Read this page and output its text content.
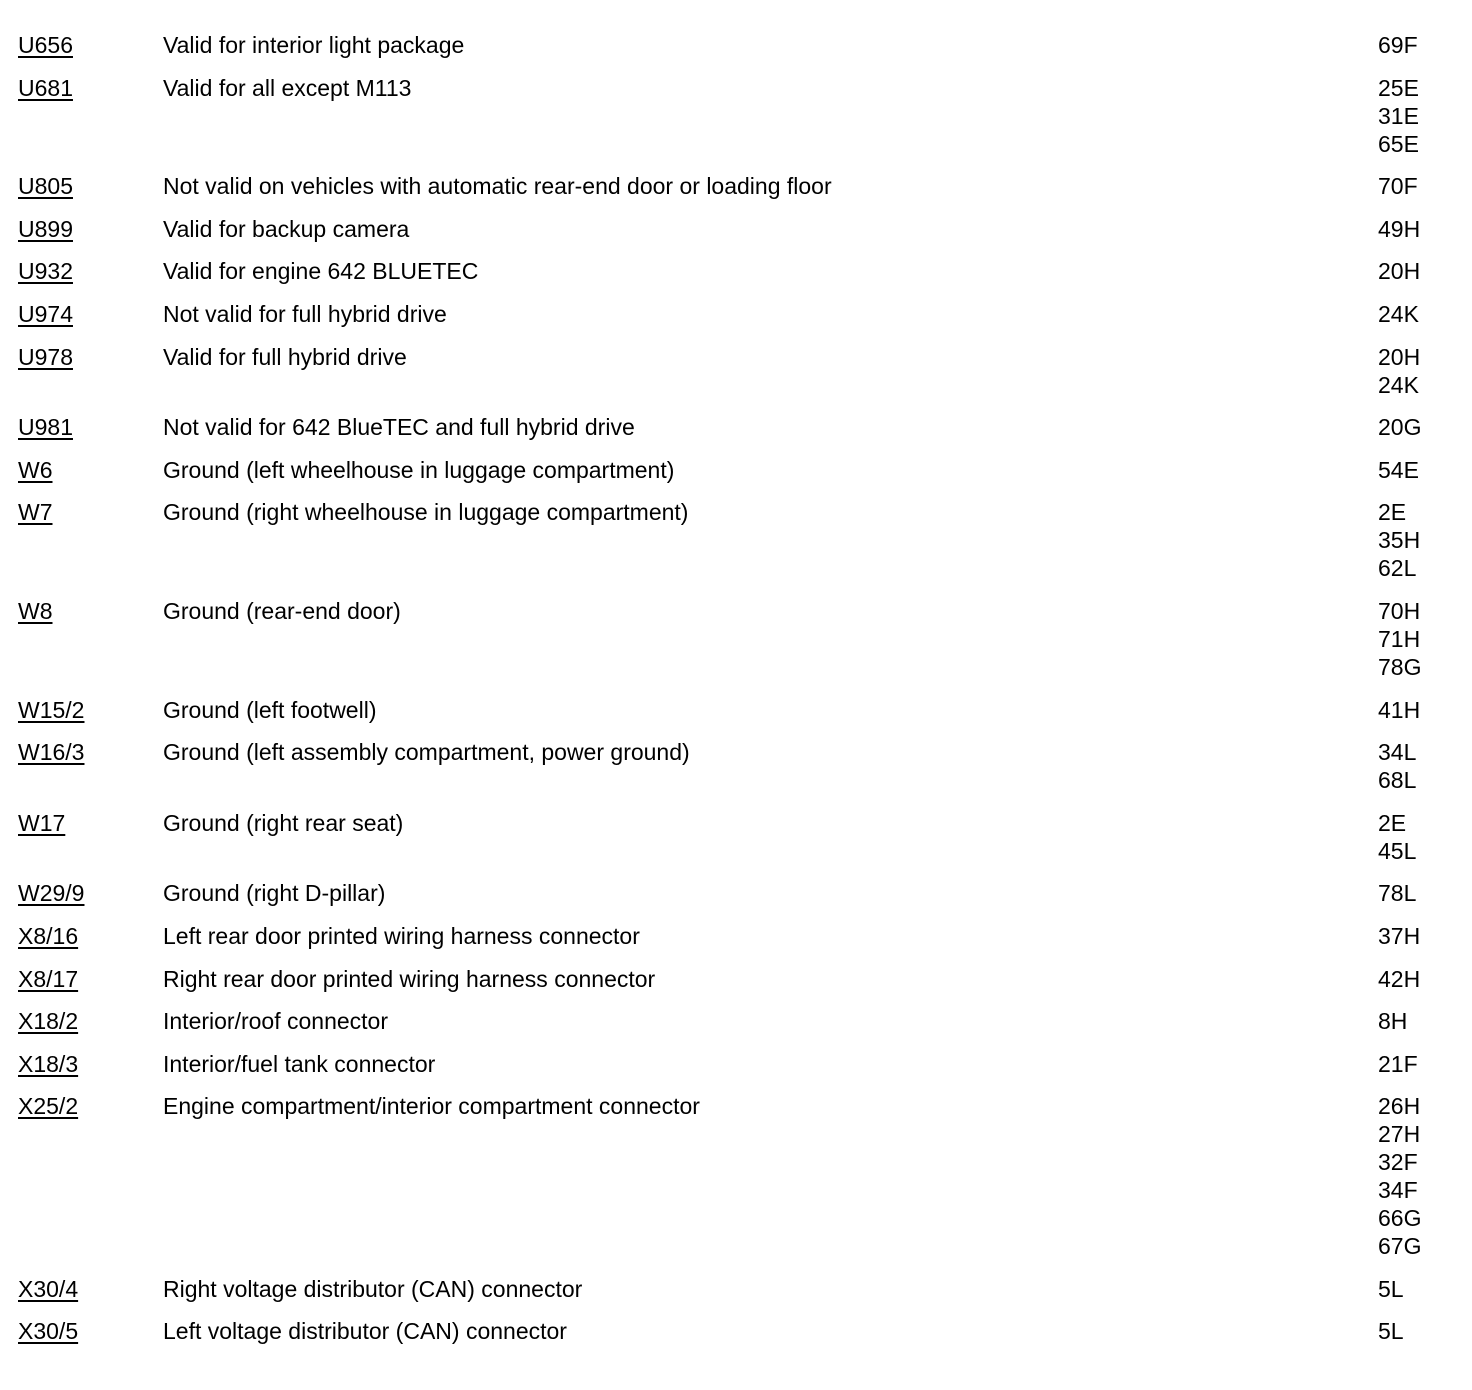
U656	Valid for interior light package	69F
U681	Valid for all except M113	25E
31E
65E
U805	Not valid on vehicles with automatic rear-end door or loading floor	70F
U899	Valid for backup camera	49H
U932	Valid for engine 642 BLUETEC	20H
U974	Not valid for full hybrid drive	24K
U978	Valid for full hybrid drive	20H
24K
U981	Not valid for 642 BlueTEC and full hybrid drive	20G
W6	Ground (left wheelhouse in luggage compartment)	54E
W7	Ground (right wheelhouse in luggage compartment)	2E
35H
62L
W8	Ground (rear-end door)	70H
71H
78G
W15/2	Ground (left footwell)	41H
W16/3	Ground (left assembly compartment, power ground)	34L
68L
W17	Ground (right rear seat)	2E
45L
W29/9	Ground (right D-pillar)	78L
X8/16	Left rear door printed wiring harness connector	37H
X8/17	Right rear door printed wiring harness connector	42H
X18/2	Interior/roof connector	8H
X18/3	Interior/fuel tank connector	21F
X25/2	Engine compartment/interior compartment connector	26H
27H
32F
34F
66G
67G
X30/4	Right voltage distributor (CAN) connector	5L
X30/5	Left voltage distributor (CAN) connector	5L
